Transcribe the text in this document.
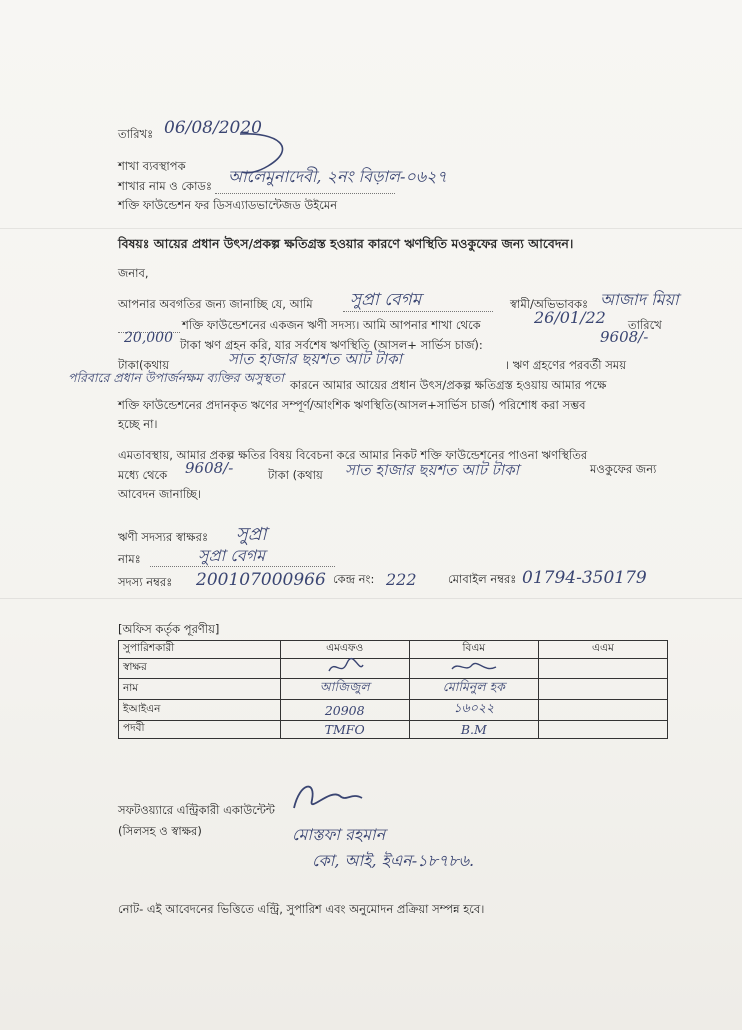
তারিখঃ 06/08/2020
শাখা ব্যবস্থাপক
শাখার নাম ও কোডঃ আলেমুনাদেবী, ২নং বিড়াল-০৬২৭
শক্তি ফাউন্ডেশন ফর ডিসএ্যাডভান্টেজড উইমেন
বিষয়ঃ আয়ের প্রধান উৎস/প্রকল্প ক্ষতিগ্রস্ত হওয়ার কারণে ঋণস্থিতি মওকুফের জন্য আবেদন।
জনাব,
আপনার অবগতির জন্য জানাচ্ছি যে, আমি সুপ্রা বেগম	স্বামী/অভিভাবকঃ আজাদ মিয়া
শক্তি ফাউন্ডেশনের একজন ঋণী সদস্য। আমি আপনার শাখা থেকে	26/01/22 তারিখে
20,000 টাকা ঋণ গ্রহন করি, যার সর্বশেষ ঋণস্থিতি (আসল+ সার্ভিস চার্জ):	9608/-
টাকা(কথায়	সাত হাজার ছয়শত আট টাকা	। ঋণ গ্রহণের পরবর্তী সময়
পরিবারে প্রধান উপার্জনক্ষম ব্যক্তির অসুস্থতা কারনে আমার আয়ের প্রধান উৎস/প্রকল্প ক্ষতিগ্রস্ত হওয়ায় আমার পক্ষে
শক্তি ফাউন্ডেশনের প্রদানকৃত ঋণের সম্পূর্ণ/আংশিক ঋণস্থিতি(আসল+সার্ভিস চার্জ) পরিশোধ করা সম্ভব
হচ্ছে না।
এমতাবস্থায়, আমার প্রকল্প ক্ষতির বিষয় বিবেচনা করে আমার নিকট শক্তি ফাউন্ডেশনের পাওনা ঋণস্থিতির
মধ্যে থেকে 9608/-	টাকা (কথায় সাত হাজার ছয়শত আট টাকা	মওকুফের জন্য
আবেদন জানাচ্ছি।
ঋণী সদস্যর স্বাক্ষরঃ সুপ্রা
নামঃ	সুপ্রা বেগম
সদস্য নম্বরঃ 200107000966 কেন্দ্র নং: 222	মোবাইল নম্বরঃ 01794-350179
[অফিস কর্তৃক পূরণীয়]
সুপারিশকারী	এমএফও	বিএম	এএম
স্বাক্ষর			
নাম	আজিজুল	মোমিনুল হক	
ইআইএন	20908	১৬০২২	
পদবী	TMFO	B.M	
সফটওয়্যারে এন্ট্রিকারী একাউন্টেন্ট
(সিলসহ ও স্বাক্ষর)	মোস্তফা রহমান
কো, আই, ইএন-১৮৭৮৬.
নোট- এই আবেদনের ভিত্তিতে এন্ট্রি, সুপারিশ এবং অনুমোদন প্রক্রিয়া সম্পন্ন হবে।
